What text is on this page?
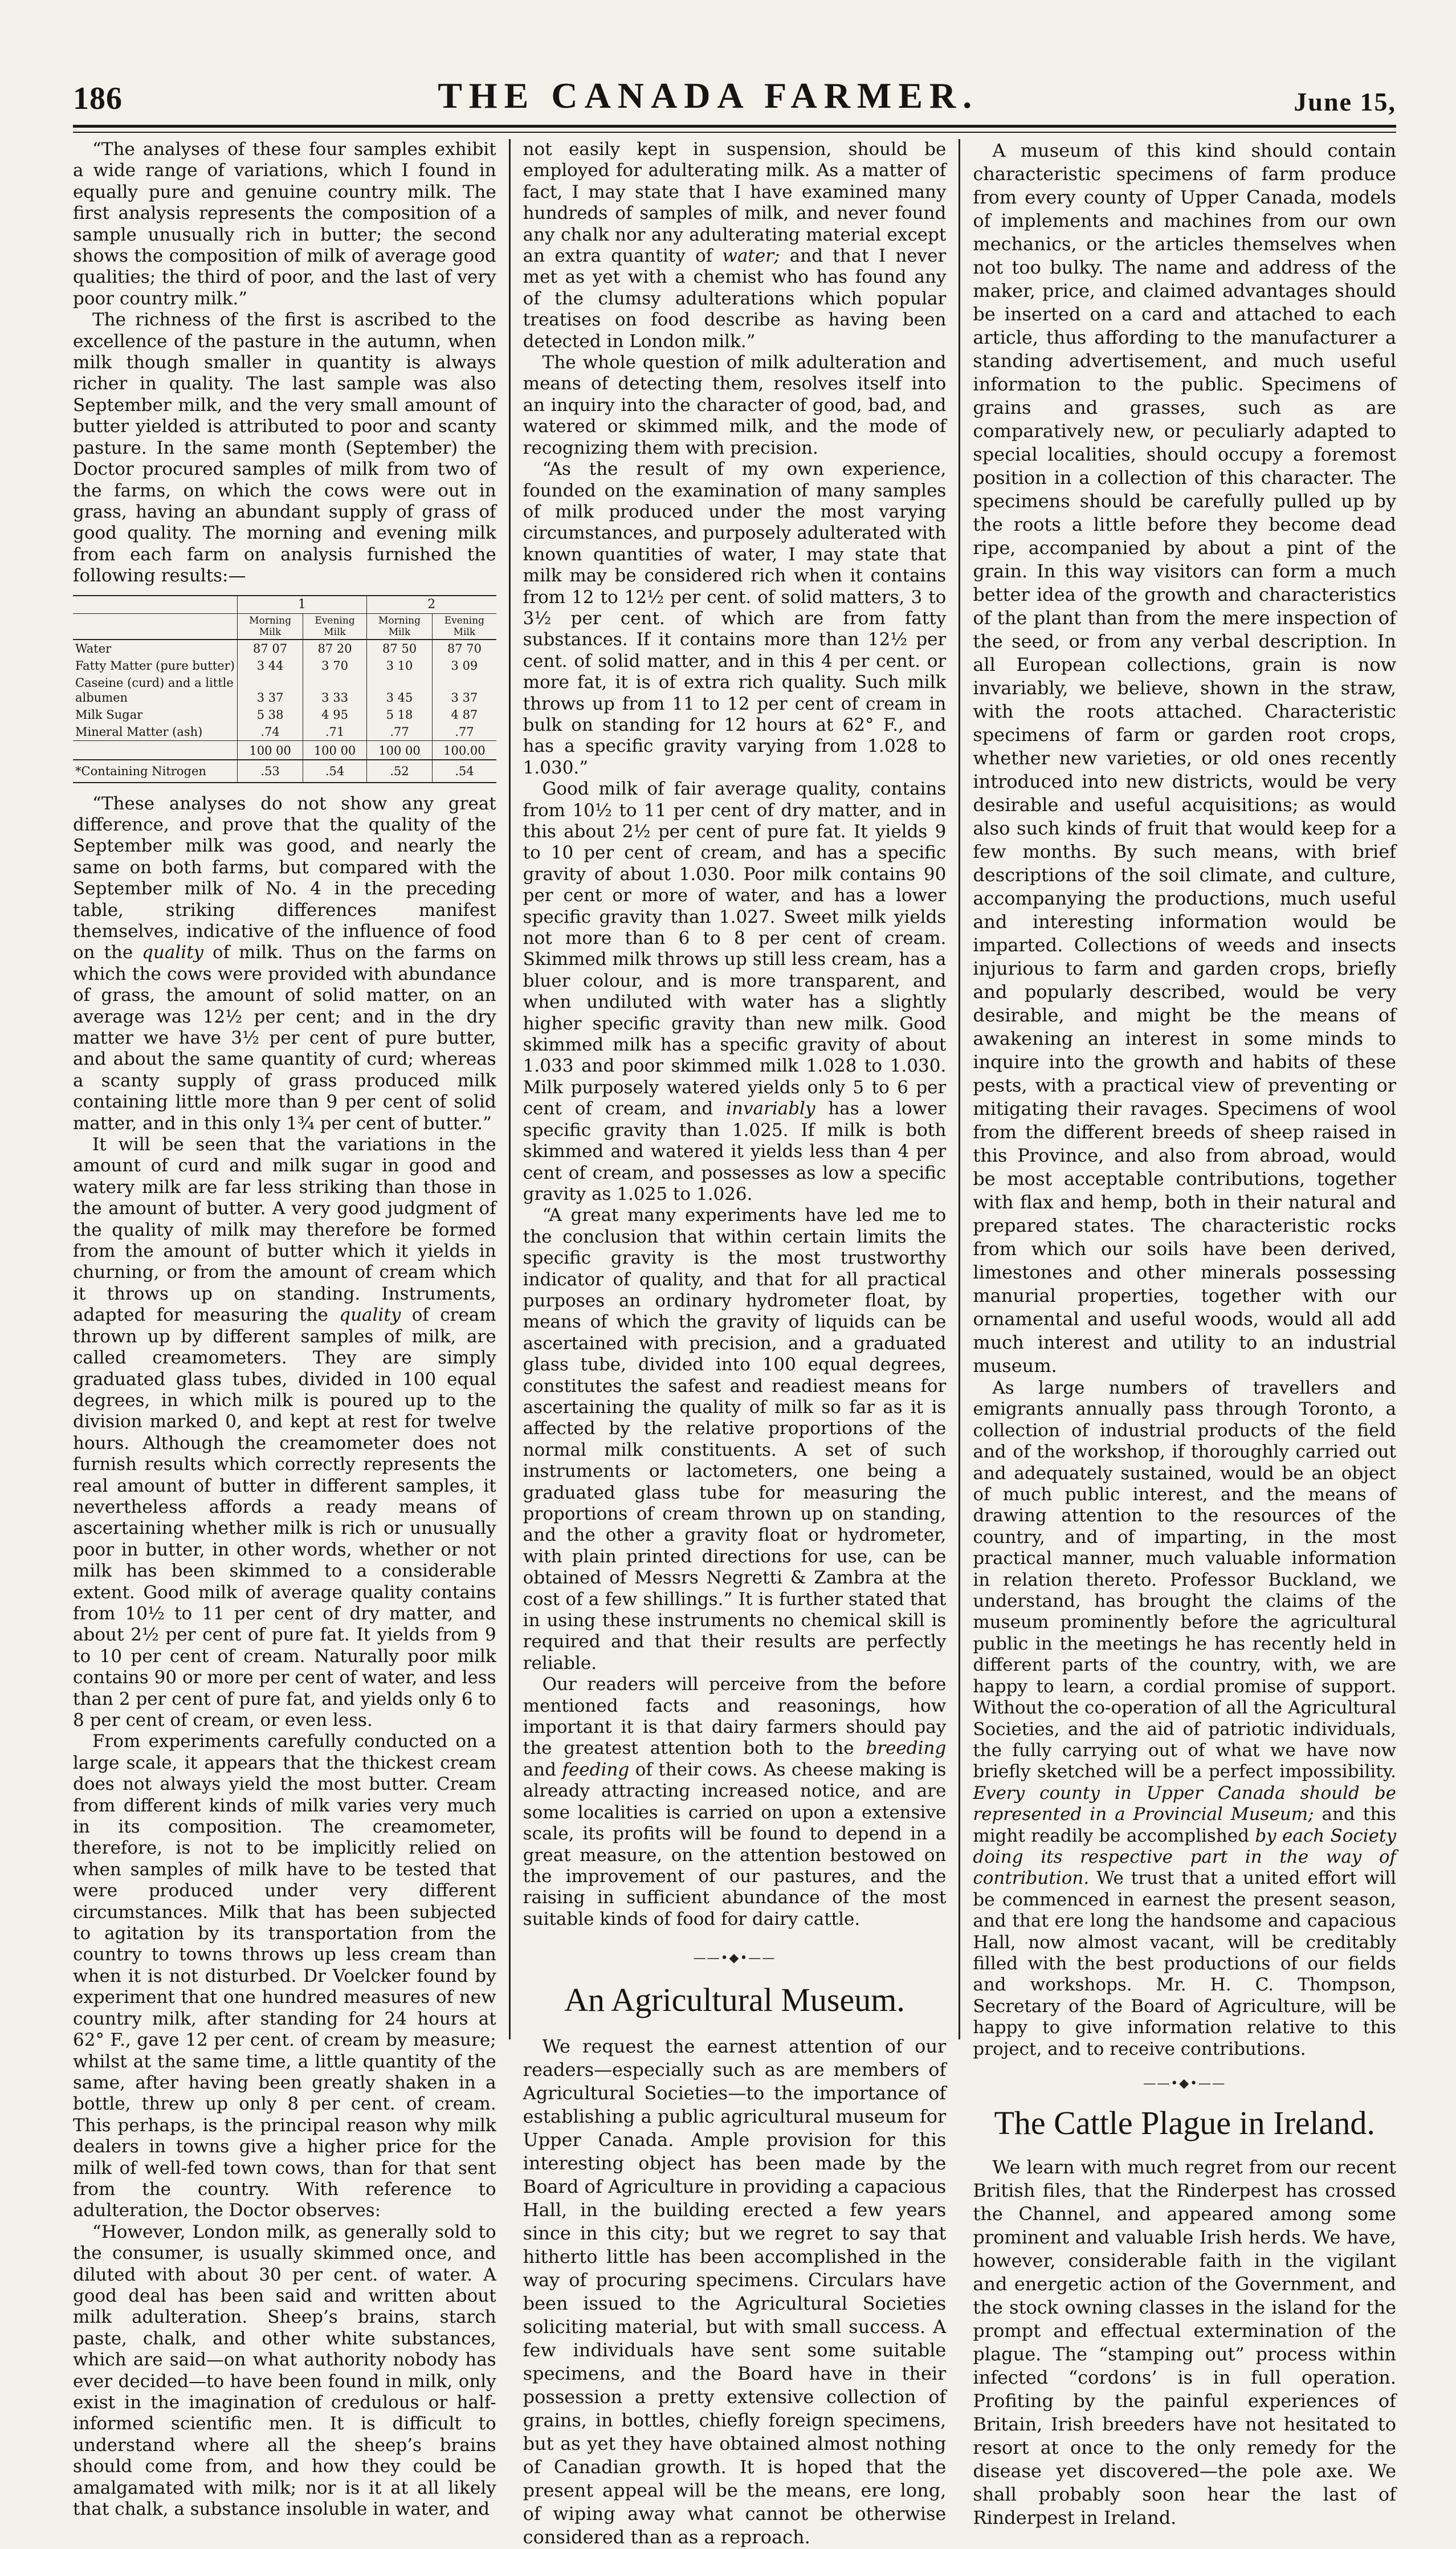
186	THE CANADA FARMER.	June 15,

“The analyses of these four samples exhibit a wide range of variations, which I found in equally pure and genuine country milk. The first analysis represents the composition of a sample unusually rich in butter; the second shows the composition of milk of average good qualities; the third of poor, and the last of very poor country milk.”

The richness of the first is ascribed to the excellence of the pasture in the autumn, when milk though smaller in quantity is always richer in quality. The last sample was also September milk, and the very small amount of butter yielded is attributed to poor and scanty pasture. In the same month (September) the Doctor procured samples of milk from two of the farms, on which the cows were out in grass, having an abundant supply of grass of good quality. The morning and evening milk from each farm on analysis furnished the following results:—

	1		2	
	Morning Milk	Evening Milk	Morning Milk	Evening Milk
Water	87 07	87 20	87 50	87 70
Fatty Matter (pure butter)	3 44	3 70	3 10	3 09
Caseine (curd) and a little albumen	3 37	3 33	3 45	3 37
Milk Sugar	5 38	4 95	5 18	4 87
Mineral Matter (ash)	.74	.71	.77	.77
	100 00	100 00	100 00	100.00
*Containing Nitrogen	.53	.54	.52	.54

“These analyses do not show any great difference, and prove that the quality of the September milk was good, and nearly the same on both farms, but compared with the September milk of No. 4 in the preceding table, striking differences manifest themselves, indicative of the influence of food on the quality of milk. Thus on the farms on which the cows were provided with abundance of grass, the amount of solid matter, on an average was 12½ per cent; and in the dry matter we have 3½ per cent of pure butter, and about the same quantity of curd; whereas a scanty supply of grass produced milk containing little more than 9 per cent of solid matter, and in this only 1¾ per cent of butter.”

It will be seen that the variations in the amount of curd and milk sugar in good and watery milk are far less striking than those in the amount of butter. A very good judgment of the quality of milk may therefore be formed from the amount of butter which it yields in churning, or from the amount of cream which it throws up on standing. Instruments, adapted for measuring the quality of cream thrown up by different samples of milk, are called creamometers. They are simply graduated glass tubes, divided in 100 equal degrees, in which milk is poured up to the division marked 0, and kept at rest for twelve hours. Although the creamometer does not furnish results which correctly represents the real amount of butter in different samples, it nevertheless affords a ready means of ascertaining whether milk is rich or unusually poor in butter, in other words, whether or not milk has been skimmed to a considerable extent. Good milk of average quality contains from 10½ to 11 per cent of dry matter, and about 2½ per cent of pure fat. It yields from 9 to 10 per cent of cream. Naturally poor milk contains 90 or more per cent of water, and less than 2 per cent of pure fat, and yields only 6 to 8 per cent of cream, or even less.

From experiments carefully conducted on a large scale, it appears that the thickest cream does not always yield the most butter. Cream from different kinds of milk varies very much in its composition. The creamometer, therefore, is not to be implicitly relied on when samples of milk have to be tested that were produced under very different circumstances. Milk that has been subjected to agitation by its transportation from the country to towns throws up less cream than when it is not disturbed. Dr Voelcker found by experiment that one hundred measures of new country milk, after standing for 24 hours at 62° F., gave 12 per cent. of cream by measure; whilst at the same time, a little quantity of the same, after having been greatly shaken in a bottle, threw up only 8 per cent. of cream. This perhaps, is the principal reason why milk dealers in towns give a higher price for the milk of well-fed town cows, than for that sent from the country. With reference to adulteration, the Doctor observes:

“However, London milk, as generally sold to the consumer, is usually skimmed once, and diluted with about 30 per cent. of water. A good deal has been said and written about milk adulteration. Sheep’s brains, starch paste, chalk, and other white substances, which are said—on what authority nobody has ever decided—to have been found in milk, only exist in the imagination of credulous or half-informed scientific men. It is difficult to understand where all the sheep’s brains should come from, and how they could be amalgamated with milk; nor is it at all likely that chalk, a substance insoluble in water, and

not easily kept in suspension, should be employed for adulterating milk. As a matter of fact, I may state that I have examined many hundreds of samples of milk, and never found any chalk nor any adulterating material except an extra quantity of water; and that I never met as yet with a chemist who has found any of the clumsy adulterations which popular treatises on food describe as having been detected in London milk.”

The whole question of milk adulteration and means of detecting them, resolves itself into an inquiry into the character of good, bad, and watered or skimmed milk, and the mode of recognizing them with precision.

“As the result of my own experience, founded on the examination of many samples of milk produced under the most varying circumstances, and purposely adulterated with known quantities of water, I may state that milk may be considered rich when it contains from 12 to 12½ per cent. of solid matters, 3 to 3½ per cent. of which are from fatty substances. If it contains more than 12½ per cent. of solid matter, and in this 4 per cent. or more fat, it is of extra rich quality. Such milk throws up from 11 to 12 per cent of cream in bulk on standing for 12 hours at 62° F., and has a specific gravity varying from 1.028 to 1.030.”

Good milk of fair average quality, contains from 10½ to 11 per cent of dry matter, and in this about 2½ per cent of pure fat. It yields 9 to 10 per cent of cream, and has a specific gravity of about 1.030. Poor milk contains 90 per cent or more of water, and has a lower specific gravity than 1.027. Sweet milk yields not more than 6 to 8 per cent of cream. Skimmed milk throws up still less cream, has a bluer colour, and is more transparent, and when undiluted with water has a slightly higher specific gravity than new milk. Good skimmed milk has a specific gravity of about 1.033 and poor skimmed milk 1.028 to 1.030. Milk purposely watered yields only 5 to 6 per cent of cream, and invariably has a lower specific gravity than 1.025. If milk is both skimmed and watered it yields less than 4 per cent of cream, and possesses as low a specific gravity as 1.025 to 1.026.

“A great many experiments have led me to the conclusion that within certain limits the specific gravity is the most trustworthy indicator of quality, and that for all practical purposes an ordinary hydrometer float, by means of which the gravity of liquids can be ascertained with precision, and a graduated glass tube, divided into 100 equal degrees, constitutes the safest and readiest means for ascertaining the quality of milk so far as it is affected by the relative proportions of the normal milk constituents. A set of such instruments or lactometers, one being a graduated glass tube for measuring the proportions of cream thrown up on standing, and the other a gravity float or hydrometer, with plain printed directions for use, can be obtained of Messrs Negretti & Zambra at the cost of a few shillings.” It is further stated that in using these instruments no chemical skill is required and that their results are perfectly reliable.

Our readers will perceive from the before mentioned facts and reasonings, how important it is that dairy farmers should pay the greatest attention both to the breeding and feeding of their cows. As cheese making is already attracting increased notice, and are some localities is carried on upon a extensive scale, its profits will be found to depend in a great measure, on the attention bestowed on the improvement of our pastures, and the raising in sufficient abundance of the most suitable kinds of food for dairy cattle.

——•◆•——
An Agricultural Museum.

We request the earnest attention of our readers—especially such as are members of Agricultural Societies—to the importance of establishing a public agricultural museum for Upper Canada. Ample provision for this interesting object has been made by the Board of Agriculture in providing a capacious Hall, in the building erected a few years since in this city; but we regret to say that hitherto little has been accomplished in the way of procuring specimens. Circulars have been issued to the Agricultural Societies soliciting material, but with small success. A few individuals have sent some suitable specimens, and the Board have in their possession a pretty extensive collection of grains, in bottles, chiefly foreign specimens, but as yet they have obtained almost nothing of Canadian growth. It is hoped that the present appeal will be the means, ere long, of wiping away what cannot be otherwise considered than as a reproach.

A museum of this kind should contain characteristic specimens of farm produce from every county of Upper Canada, models of implements and machines from our own mechanics, or the articles themselves when not too bulky. The name and address of the maker, price, and claimed advantages should be inserted on a card and attached to each article, thus affording to the manufacturer a standing advertisement, and much useful information to the public. Specimens of grains and grasses, such as are comparatively new, or peculiarly adapted to special localities, should occupy a foremost position in a collection of this character. The specimens should be carefully pulled up by the roots a little before they become dead ripe, accompanied by about a pint of the grain. In this way visitors can form a much better idea of the growth and characteristics of the plant than from the mere inspection of the seed, or from any verbal description. In all European collections, grain is now invariably, we believe, shown in the straw, with the roots attached. Characteristic specimens of farm or garden root crops, whether new varieties, or old ones recently introduced into new districts, would be very desirable and useful acquisitions; as would also such kinds of fruit that would keep for a few months. By such means, with brief descriptions of the soil climate, and culture, accompanying the productions, much useful and interesting information would be imparted. Collections of weeds and insects injurious to farm and garden crops, briefly and popularly described, would be very desirable, and might be the means of awakening an interest in some minds to inquire into the growth and habits of these pests, with a practical view of preventing or mitigating their ravages. Specimens of wool from the different breeds of sheep raised in this Province, and also from abroad, would be most acceptable contributions, together with flax and hemp, both in their natural and prepared states. The characteristic rocks from which our soils have been derived, limestones and other minerals possessing manurial properties, together with our ornamental and useful woods, would all add much interest and utility to an industrial museum.

As large numbers of travellers and emigrants annually pass through Toronto, a collection of industrial products of the field and of the workshop, if thoroughly carried out and adequately sustained, would be an object of much public interest, and the means of drawing attention to the resources of the country, and of imparting, in the most practical manner, much valuable information in relation thereto. Professor Buckland, we understand, has brought the claims of the museum prominently before the agricultural public in the meetings he has recently held in different parts of the country, with, we are happy to learn, a cordial promise of support. Without the co-operation of all the Agricultural Societies, and the aid of patriotic individuals, the fully carrying out of what we have now briefly sketched will be a perfect impossibility. Every county in Upper Canada should be represented in a Provincial Museum; and this might readily be accomplished by each Society doing its respective part in the way of contribution. We trust that a united effort will be commenced in earnest the present season, and that ere long the handsome and capacious Hall, now almost vacant, will be creditably filled with the best productions of our fields and workshops. Mr. H. C. Thompson, Secretary of the Board of Agriculture, will be happy to give information relative to this project, and to receive contributions.

——•◆•——
The Cattle Plague in Ireland.

We learn with much regret from our recent British files, that the Rinderpest has crossed the Channel, and appeared among some prominent and valuable Irish herds. We have, however, considerable faith in the vigilant and energetic action of the Government, and the stock owning classes in the island for the prompt and effectual extermination of the plague. The “stamping out” process within infected “cordons’ is in full operation. Profiting by the painful experiences of Britain, Irish breeders have not hesitated to resort at once to the only remedy for the disease yet discovered—the pole axe. We shall probably soon hear the last of Rinderpest in Ireland.
